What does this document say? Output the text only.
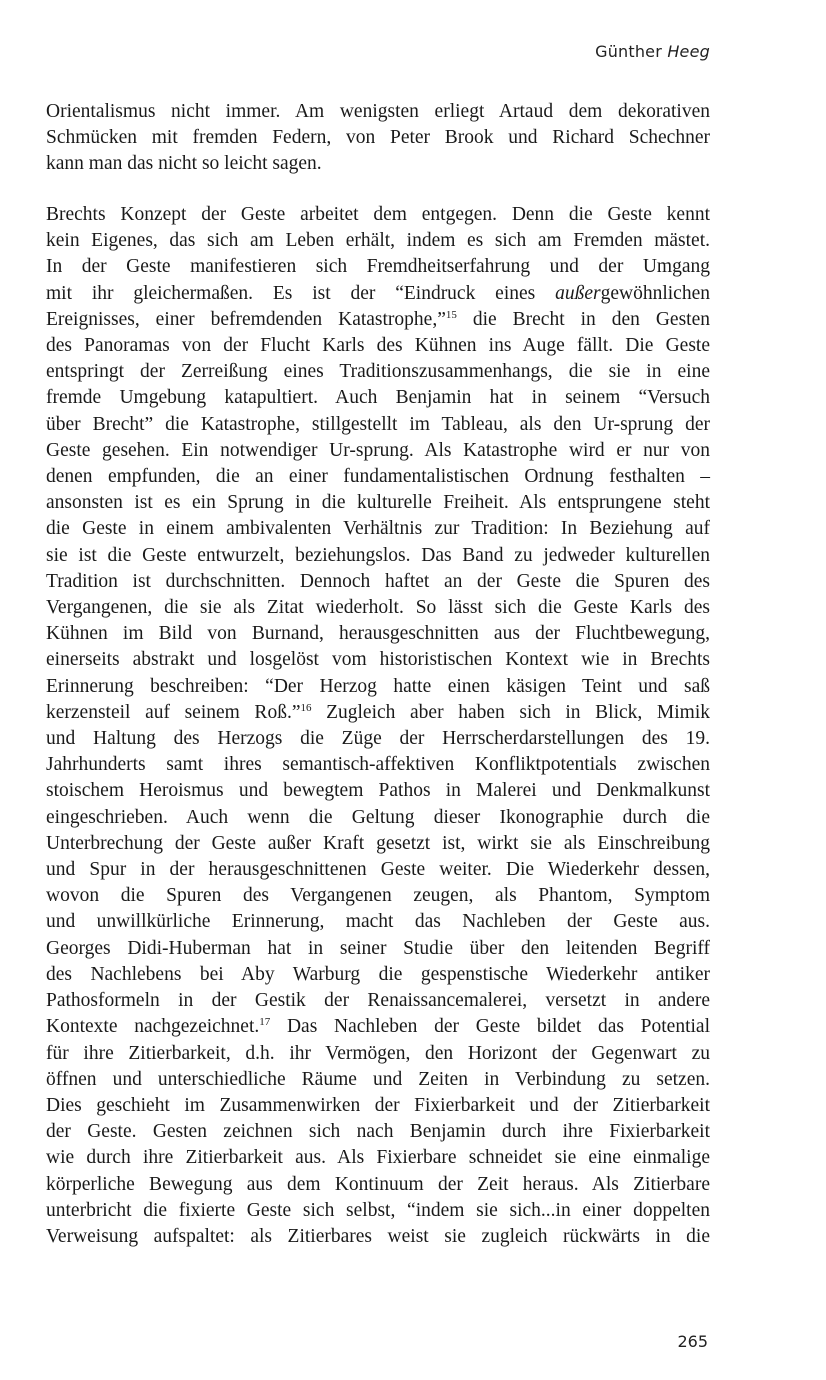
Günther Heeg
Orientalismus nicht immer. Am wenigsten erliegt Artaud dem dekorativen
Schmücken mit fremden Federn, von Peter Brook und Richard Schechner
kann man das nicht so leicht sagen.
Brechts Konzept der Geste arbeitet dem entgegen. Denn die Geste kennt
kein Eigenes, das sich am Leben erhält, indem es sich am Fremden mästet.
In der Geste manifestieren sich Fremdheitserfahrung und der Umgang
mit ihr gleichermaßen. Es ist der “Eindruck eines außergewöhnlichen
Ereignisses, einer befremdenden Katastrophe,”$^{15}$ die Brecht in den Gesten
des Panoramas von der Flucht Karls des Kühnen ins Auge fällt. Die Geste
entspringt der Zerreißung eines Traditionszusammenhangs, die sie in eine
fremde Umgebung katapultiert. Auch Benjamin hat in seinem “Versuch
über Brecht” die Katastrophe, stillgestellt im Tableau, als den Ur-sprung der
Geste gesehen. Ein notwendiger Ur-sprung. Als Katastrophe wird er nur von
denen empfunden, die an einer fundamentalistischen Ordnung festhalten –
ansonsten ist es ein Sprung in die kulturelle Freiheit. Als entsprungene steht
die Geste in einem ambivalenten Verhältnis zur Tradition: In Beziehung auf
sie ist die Geste entwurzelt, beziehungslos. Das Band zu jedweder kulturellen
Tradition ist durchschnitten. Dennoch haftet an der Geste die Spuren des
Vergangenen, die sie als Zitat wiederholt. So lässt sich die Geste Karls des
Kühnen im Bild von Burnand, herausgeschnitten aus der Fluchtbewegung,
einerseits abstrakt und losgelöst vom historistischen Kontext wie in Brechts
Erinnerung beschreiben: “Der Herzog hatte einen käsigen Teint und saß
kerzensteil auf seinem Roß.”$^{16}$ Zugleich aber haben sich in Blick, Mimik
und Haltung des Herzogs die Züge der Herrscherdarstellungen des 19.
Jahrhunderts samt ihres semantisch-affektiven Konfliktpotentials zwischen
stoischem Heroismus und bewegtem Pathos in Malerei und Denkmalkunst
eingeschrieben. Auch wenn die Geltung dieser Ikonographie durch die
Unterbrechung der Geste außer Kraft gesetzt ist, wirkt sie als Einschreibung
und Spur in der herausgeschnittenen Geste weiter. Die Wiederkehr dessen,
wovon die Spuren des Vergangenen zeugen, als Phantom, Symptom
und unwillkürliche Erinnerung, macht das Nachleben der Geste aus.
Georges Didi-Huberman hat in seiner Studie über den leitenden Begriff
des Nachlebens bei Aby Warburg die gespenstische Wiederkehr antiker
Pathosformeln in der Gestik der Renaissancemalerei, versetzt in andere
Kontexte nachgezeichnet.$^{17}$ Das Nachleben der Geste bildet das Potential
für ihre Zitierbarkeit, d.h. ihr Vermögen, den Horizont der Gegenwart zu
öffnen und unterschiedliche Räume und Zeiten in Verbindung zu setzen.
Dies geschieht im Zusammenwirken der Fixierbarkeit und der Zitierbarkeit
der Geste. Gesten zeichnen sich nach Benjamin durch ihre Fixierbarkeit
wie durch ihre Zitierbarkeit aus. Als Fixierbare schneidet sie eine einmalige
körperliche Bewegung aus dem Kontinuum der Zeit heraus. Als Zitierbare
unterbricht die fixierte Geste sich selbst, “indem sie sich...in einer doppelten
Verweisung aufspaltet: als Zitierbares weist sie zugleich rückwärts in die
265
